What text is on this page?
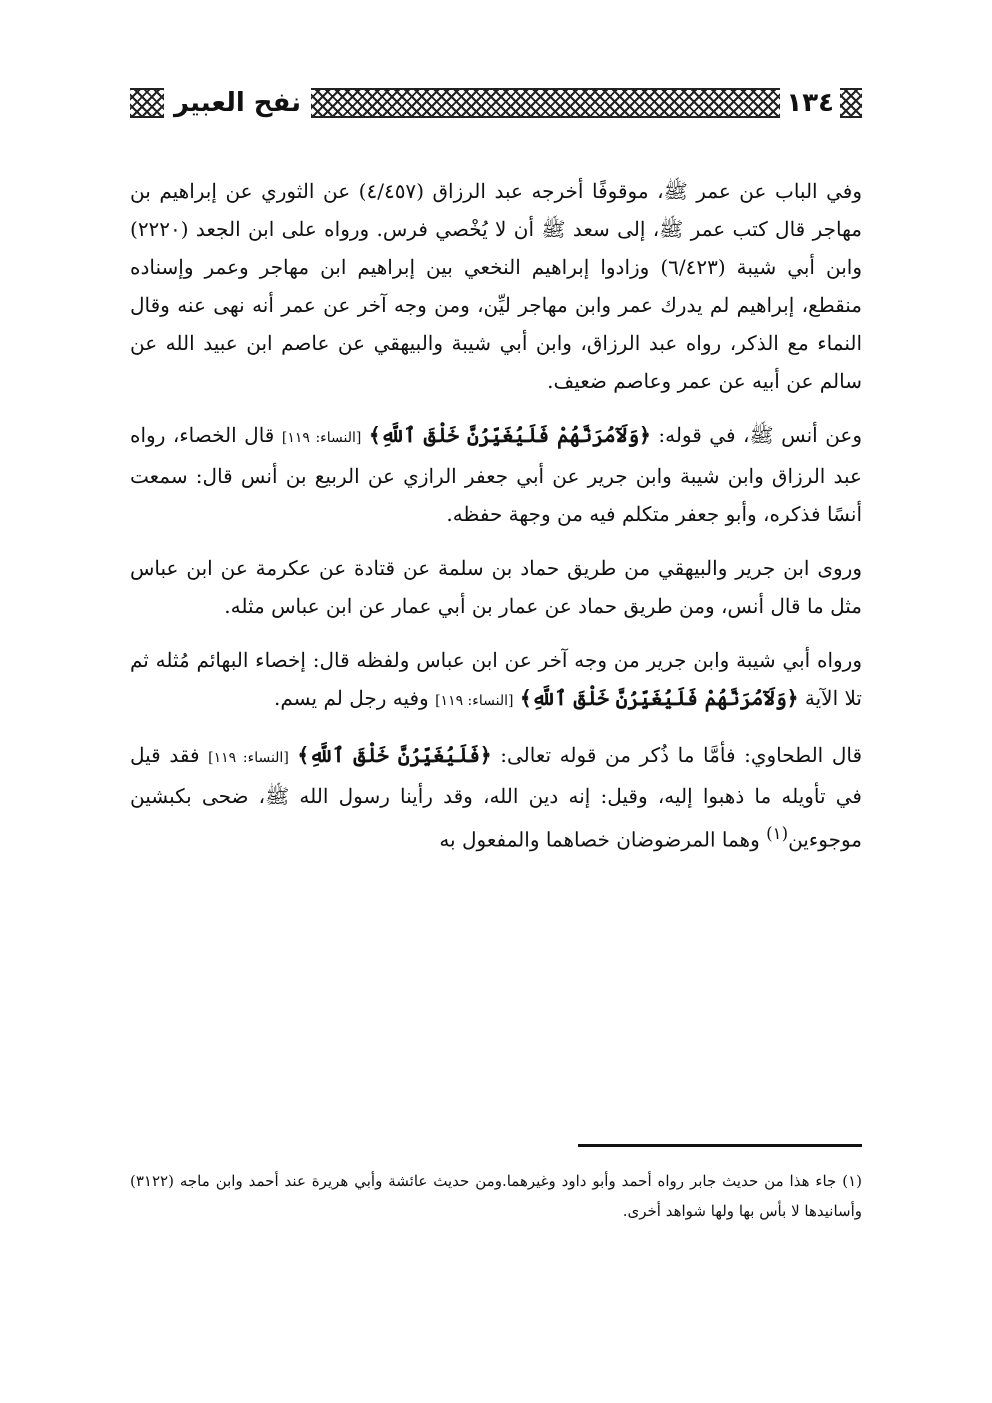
١٣٤
نفح العبير

وفي الباب عن عمر ﷺ، موقوفًا أخرجه عبد الرزاق (٤/٤٥٧) عن الثوري عن إبراهيم بن مهاجر قال كتب عمر ﷺ، إلى سعد ﷺ أن لا يُخْصي فرس. ورواه على ابن الجعد (٢٢٢٠) وابن أبي شيبة (٦/٤٢٣) وزادوا إبراهيم النخعي بين إبراهيم ابن مهاجر وعمر وإسناده منقطع، إبراهيم لم يدرك عمر وابن مهاجر ليِّن، ومن وجه آخر عن عمر أنه نهى عنه وقال النماء مع الذكر، رواه عبد الرزاق، وابن أبي شيبة والبيهقي عن عاصم ابن عبيد الله عن سالم عن أبيه عن عمر وعاصم ضعيف.

وعن أنس ﷺ، في قوله: ﴿وَلَآمُرَنَّهُمْ فَلَيُغَيِّرُنَّ خَلْقَ ٱللَّهِ﴾ [النساء: ١١٩] قال الخصاء، رواه عبد الرزاق وابن شيبة وابن جرير عن أبي جعفر الرازي عن الربيع بن أنس قال: سمعت أنسًا فذكره، وأبو جعفر متكلم فيه من وجهة حفظه.

وروى ابن جرير والبيهقي من طريق حماد بن سلمة عن قتادة عن عكرمة عن ابن عباس مثل ما قال أنس، ومن طريق حماد عن عمار بن أبي عمار عن ابن عباس مثله.

ورواه أبي شيبة وابن جرير من وجه آخر عن ابن عباس ولفظه قال: إخصاء البهائم مُثله ثم تلا الآية ﴿وَلَآمُرَنَّهُمْ فَلَيُغَيِّرُنَّ خَلْقَ ٱللَّهِ﴾ [النساء: ١١٩] وفيه رجل لم يسم.

قال الطحاوي: فأمَّا ما ذُكر من قوله تعالى: ﴿فَلَيُغَيِّرُنَّ خَلْقَ ٱللَّهِ﴾ [النساء: ١١٩] فقد قيل في تأويله ما ذهبوا إليه، وقيل: إنه دين الله، وقد رأينا رسول الله ﷺ، ضحى بكبشين موجوءين$^{(١)}$ وهما المرضوضان خصاهما والمفعول به

(١) جاء هذا من حديث جابر رواه أحمد وأبو داود وغيرهما.ومن حديث عائشة وأبي هريرة عند أحمد وابن ماجه (٣١٢٢) وأسانيدها لا بأس بها ولها شواهد أخرى.
